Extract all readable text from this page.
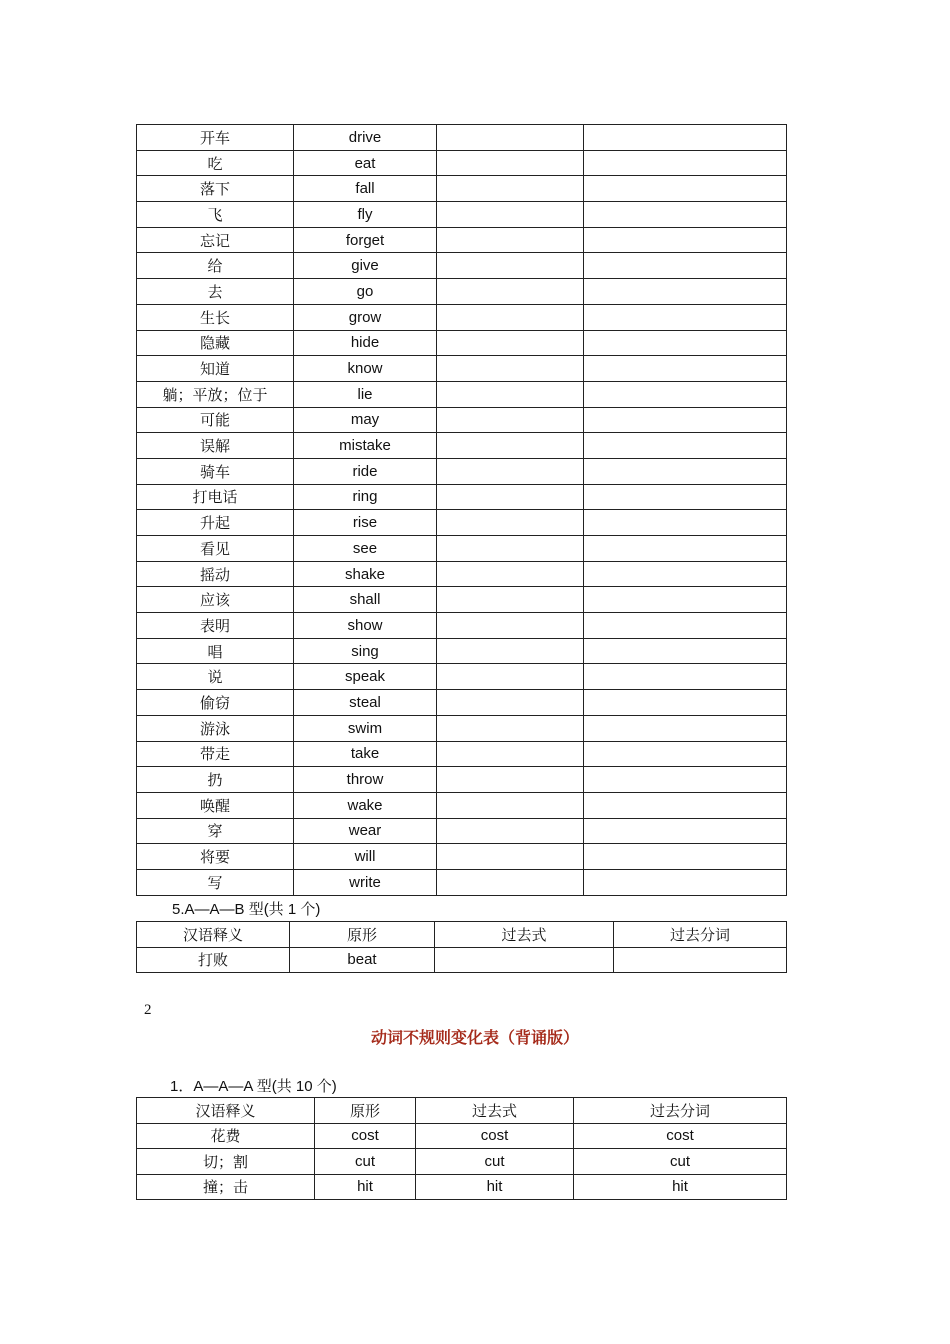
开车	drive		
吃	eat		
落下	fall		
飞	fly		
忘记	forget		
给	give		
去	go		
生长	grow		
隐藏	hide		
知道	know		
躺；平放；位于	lie		
可能	may		
误解	mistake		
骑车	ride		
打电话	ring		
升起	rise		
看见	see		
摇动	shake		
应该	shall		
表明	show		
唱	sing		
说	speak		
偷窃	steal		
游泳	swim		
带走	take		
扔	throw		
唤醒	wake		
穿	wear		
将要	will		
写	write		
5.A—A—B 型(共 1 个)
汉语释义	原形	过去式	过去分词
打败	beat		
2
动词不规则变化表（背诵版）
1．A—A—A 型(共 10 个)
汉语释义	原形	过去式	过去分词
花费	cost	cost	cost
切；割	cut	cut	cut
撞；击	hit	hit	hit
